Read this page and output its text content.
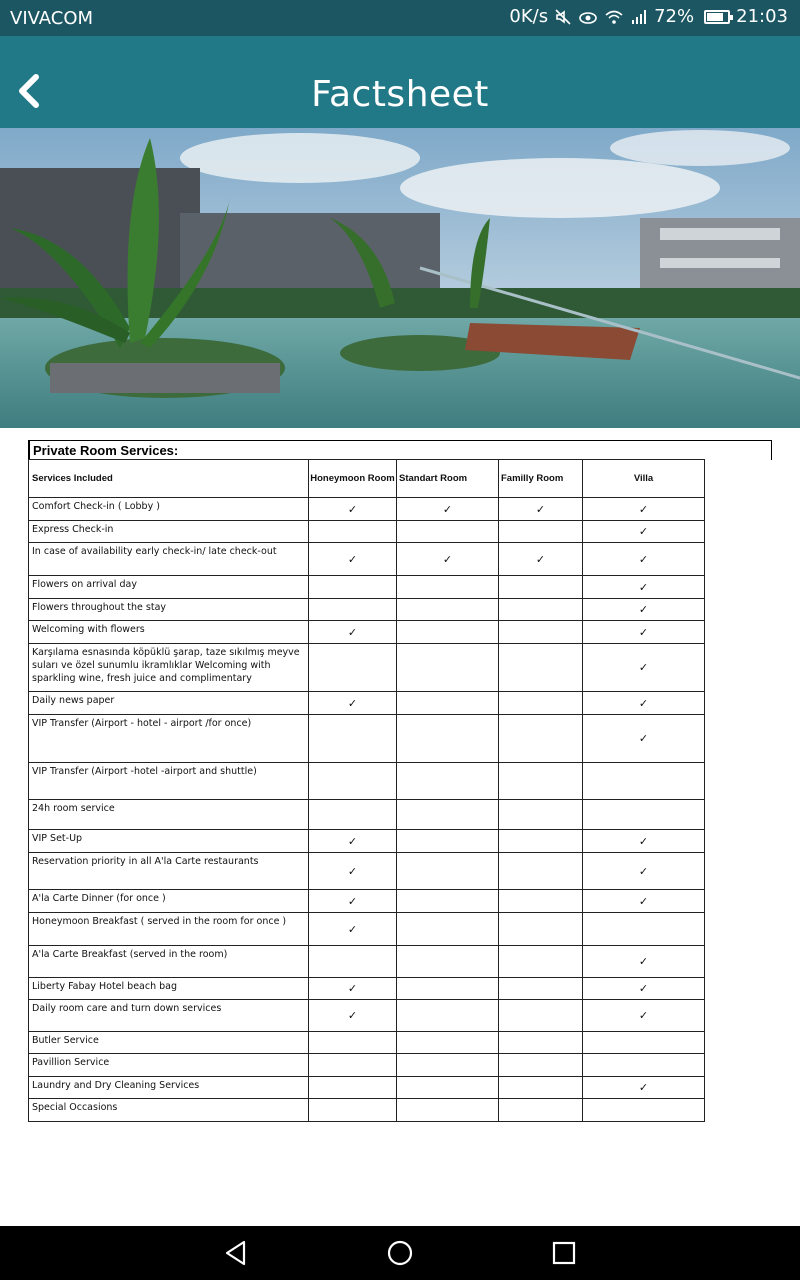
VIVACOM	0K/s	72% 21:03
Factsheet
Private Room Services:
Services Included	Honeymoon Room	Standart Room	Familly Room	Villa
Comfort Check-in ( Lobby )	✓	✓	✓	✓
Express Check-in				✓
In case of availability early check-in/ late check-out	✓	✓	✓	✓
Flowers on arrival day				✓
Flowers throughout the stay				✓
Welcoming with flowers	✓			✓
Karşılama esnasında köpüklü şarap, taze sıkılmış meyve suları ve özel sunumlu ikramlıklar Welcoming with sparkling wine, fresh juice and complimentary				✓
Daily news paper	✓			✓
VIP Transfer (Airport - hotel - airport /for once)				✓
VIP Transfer (Airport -hotel -airport and shuttle)				
24h room service				
VIP Set-Up	✓			✓
Reservation priority in all A'la Carte restaurants	✓			✓
A'la Carte Dinner (for once )	✓			✓
Honeymoon Breakfast ( served in the room for once )	✓			
A'la Carte Breakfast (served in the room)				✓
Liberty Fabay Hotel beach bag	✓			✓
Daily room care and turn down services	✓			✓
Butler Service				
Pavillion Service				
Laundry and Dry Cleaning Services				✓
Special Occasions				
